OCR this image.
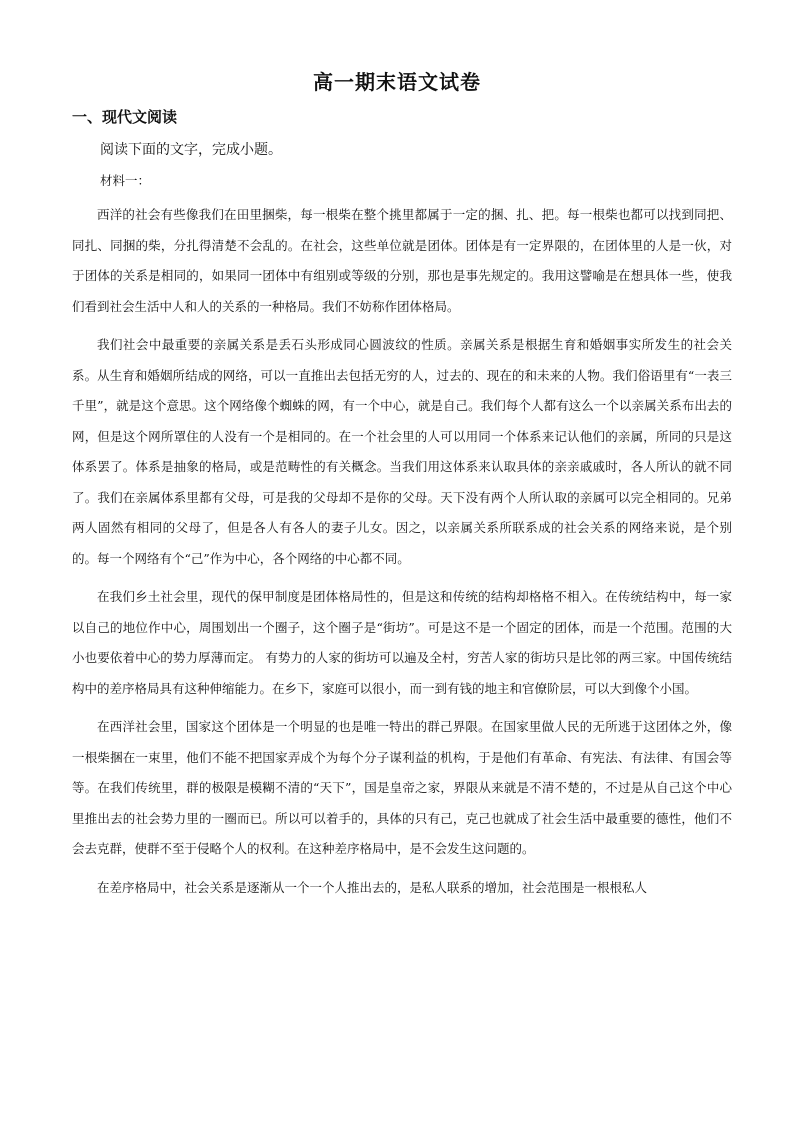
高一期末语文试卷
一、现代文阅读
阅读下面的文字，完成小题。
材料一：

西洋的社会有些像我们在田里捆柴，每一根柴在整个挑里都属于一定的捆、扎、把。每一根柴也都可以找到同把、同扎、同捆的柴，分扎得清楚不会乱的。在社会，这些单位就是团体。团体是有一定界限的，在团体里的人是一伙，对于团体的关系是相同的，如果同一团体中有组别或等级的分别，那也是事先规定的。我用这譬喻是在想具体一些，使我们看到社会生活中人和人的关系的一种格局。我们不妨称作团体格局。

我们社会中最重要的亲属关系是丢石头形成同心圆波纹的性质。亲属关系是根据生育和婚姻事实所发生的社会关系。从生育和婚姻所结成的网络，可以一直推出去包括无穷的人，过去的、现在的和未来的人物。我们俗语里有“一表三千里”，就是这个意思。这个网络像个蜘蛛的网，有一个中心，就是自己。我们每个人都有这么一个以亲属关系布出去的网，但是这个网所罩住的人没有一个是相同的。在一个社会里的人可以用同一个体系来记认他们的亲属，所同的只是这体系罢了。体系是抽象的格局，或是范畴性的有关概念。当我们用这体系来认取具体的亲亲戚戚时，各人所认的就不同了。我们在亲属体系里都有父母，可是我的父母却不是你的父母。天下没有两个人所认取的亲属可以完全相同的。兄弟两人固然有相同的父母了，但是各人有各人的妻子儿女。因之，以亲属关系所联系成的社会关系的网络来说，是个别的。每一个网络有个“己”作为中心，各个网络的中心都不同。

在我们乡土社会里，现代的保甲制度是团体格局性的，但是这和传统的结构却格格不相入。在传统结构中，每一家以自己的地位作中心，周围划出一个圈子，这个圈子是“街坊”。可是这不是一个固定的团体，而是一个范围。范围的大小也要依着中心的势力厚薄而定。 有势力的人家的街坊可以遍及全村，穷苦人家的街坊只是比邻的两三家。中国传统结构中的差序格局具有这种伸缩能力。在乡下，家庭可以很小，而一到有钱的地主和官僚阶层，可以大到像个小国。

在西洋社会里，国家这个团体是一个明显的也是唯一特出的群己界限。在国家里做人民的无所逃于这团体之外，像一根柴捆在一束里，他们不能不把国家弄成个为每个分子谋利益的机构，于是他们有革命、有宪法、有法律、有国会等等。在我们传统里，群的极限是模糊不清的“天下”，国是皇帝之家，界限从来就是不清不楚的，不过是从自己这个中心里推出去的社会势力里的一圈而已。所以可以着手的，具体的只有己，克己也就成了社会生活中最重要的德性，他们不会去克群，使群不至于侵略个人的权利。在这种差序格局中，是不会发生这问题的。

在差序格局中，社会关系是逐渐从一个一个人推出去的，是私人联系的增加，社会范围是一根根私人
